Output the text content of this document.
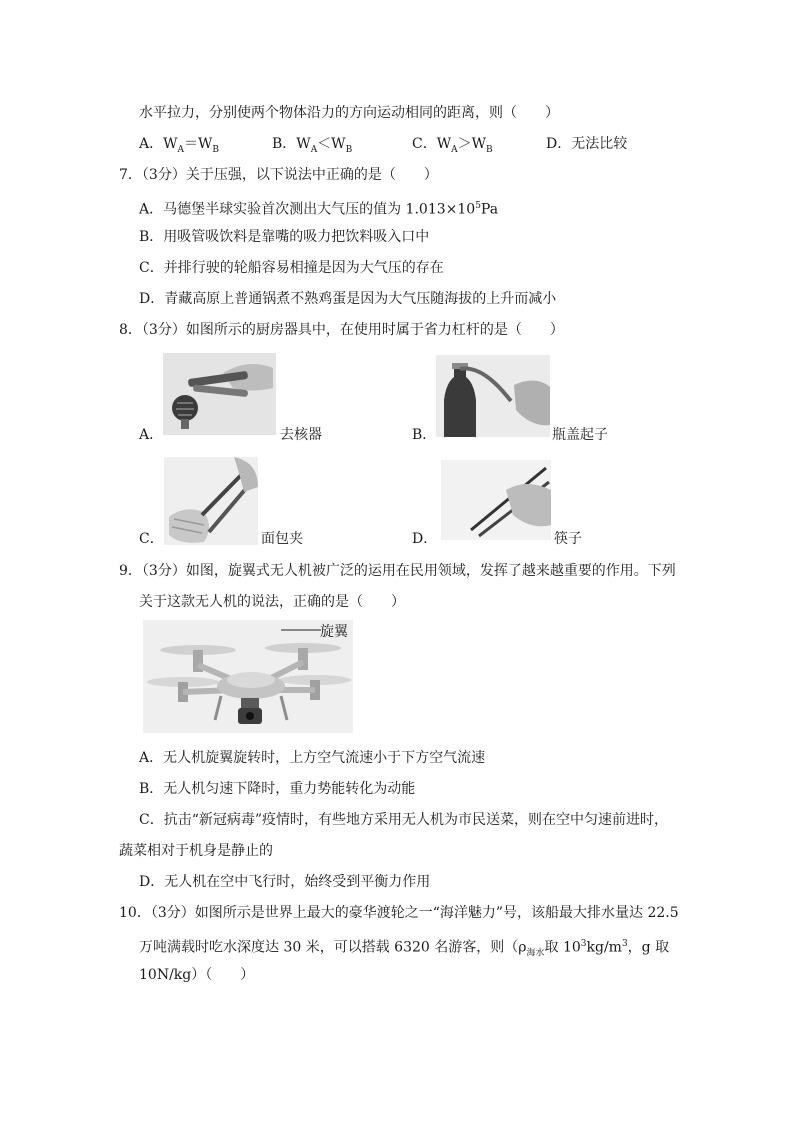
水平拉力，分别使两个物体沿力的方向运动相同的距离，则（　　）
A．$W_A=W_B$	B．$W_A<W_B$	C．$W_A>W_B$	D．无法比较
7．（3分）关于压强，以下说法中正确的是（　　）
A．马德堡半球实验首次测出大气压的值为 $1.013\times 10^5Pa$
B．用吸管吸饮料是靠嘴的吸力把饮料吸入口中
C．并排行驶的轮船容易相撞是因为大气压的存在
D．青藏高原上普通锅煮不熟鸡蛋是因为大气压随海拔的上升而减小
8．（3分）如图所示的厨房器具中，在使用时属于省力杠杆的是（　　）
A．	去核器	B．	瓶盖起子
C．	面包夹	D．	筷子
9．（3分）如图，旋翼式无人机被广泛的运用在民用领域，发挥了越来越重要的作用。下列
关于这款无人机的说法，正确的是（　　）
旋翼
A．无人机旋翼旋转时，上方空气流速小于下方空气流速
B．无人机匀速下降时，重力势能转化为动能
C．抗击“新冠病毒”疫情时，有些地方采用无人机为市民送菜，则在空中匀速前进时，
蔬菜相对于机身是静止的
D．无人机在空中飞行时，始终受到平衡力作用
10．（3分）如图所示是世界上最大的豪华渡轮之一“海洋魅力”号，该船最大排水量达 22.5
万吨满载时吃水深度达 30 米，可以搭载 6320 名游客，则（$\rho_{海水}$取 $10^3kg/m^3$，g 取
10N/kg）（　　）
